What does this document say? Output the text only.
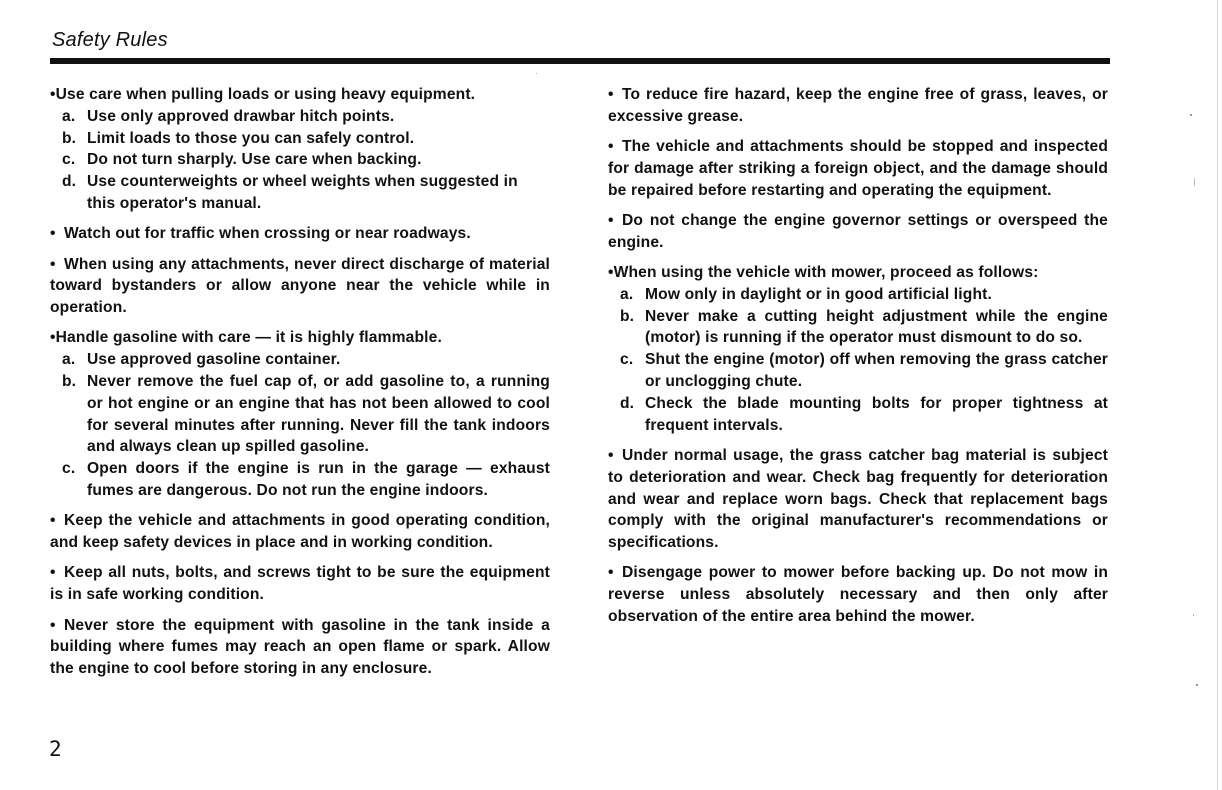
Safety Rules

•Use care when pulling loads or using heavy equipment.

a. Use only approved drawbar hitch points.
b. Limit loads to those you can safely control.
c. Do not turn sharply. Use care when backing.
d. Use counterweights or wheel weights when suggested in this operator's manual.

• Watch out for traffic when crossing or near roadways.

• When using any attachments, never direct discharge of material toward bystanders or allow anyone near the vehicle while in operation.

•Handle gasoline with care — it is highly flammable.

a. Use approved gasoline container.
b. Never remove the fuel cap of, or add gasoline to, a running or hot engine or an engine that has not been allowed to cool for several minutes after running. Never fill the tank indoors and always clean up spilled gasoline.
c. Open doors if the engine is run in the garage — exhaust fumes are dangerous. Do not run the engine indoors.

• Keep the vehicle and attachments in good operating condition, and keep safety devices in place and in working condition.

• Keep all nuts, bolts, and screws tight to be sure the equipment is in safe working condition.

• Never store the equipment with gasoline in the tank inside a building where fumes may reach an open flame or spark. Allow the engine to cool before storing in any enclosure.

• To reduce fire hazard, keep the engine free of grass, leaves, or excessive grease.

• The vehicle and attachments should be stopped and inspected for damage after striking a foreign object, and the damage should be repaired before restarting and operating the equipment.

• Do not change the engine governor settings or overspeed the engine.

•When using the vehicle with mower, proceed as follows:

a. Mow only in daylight or in good artificial light.
b. Never make a cutting height adjustment while the engine (motor) is running if the operator must dismount to do so.
c. Shut the engine (motor) off when removing the grass catcher or unclogging chute.
d. Check the blade mounting bolts for proper tightness at frequent intervals.

• Under normal usage, the grass catcher bag material is subject to deterioration and wear. Check bag frequently for deterioration and wear and replace worn bags. Check that replacement bags comply with the original manufacturer's recommendations or specifications.

• Disengage power to mower before backing up. Do not mow in reverse unless absolutely necessary and then only after observation of the entire area behind the mower.

2
